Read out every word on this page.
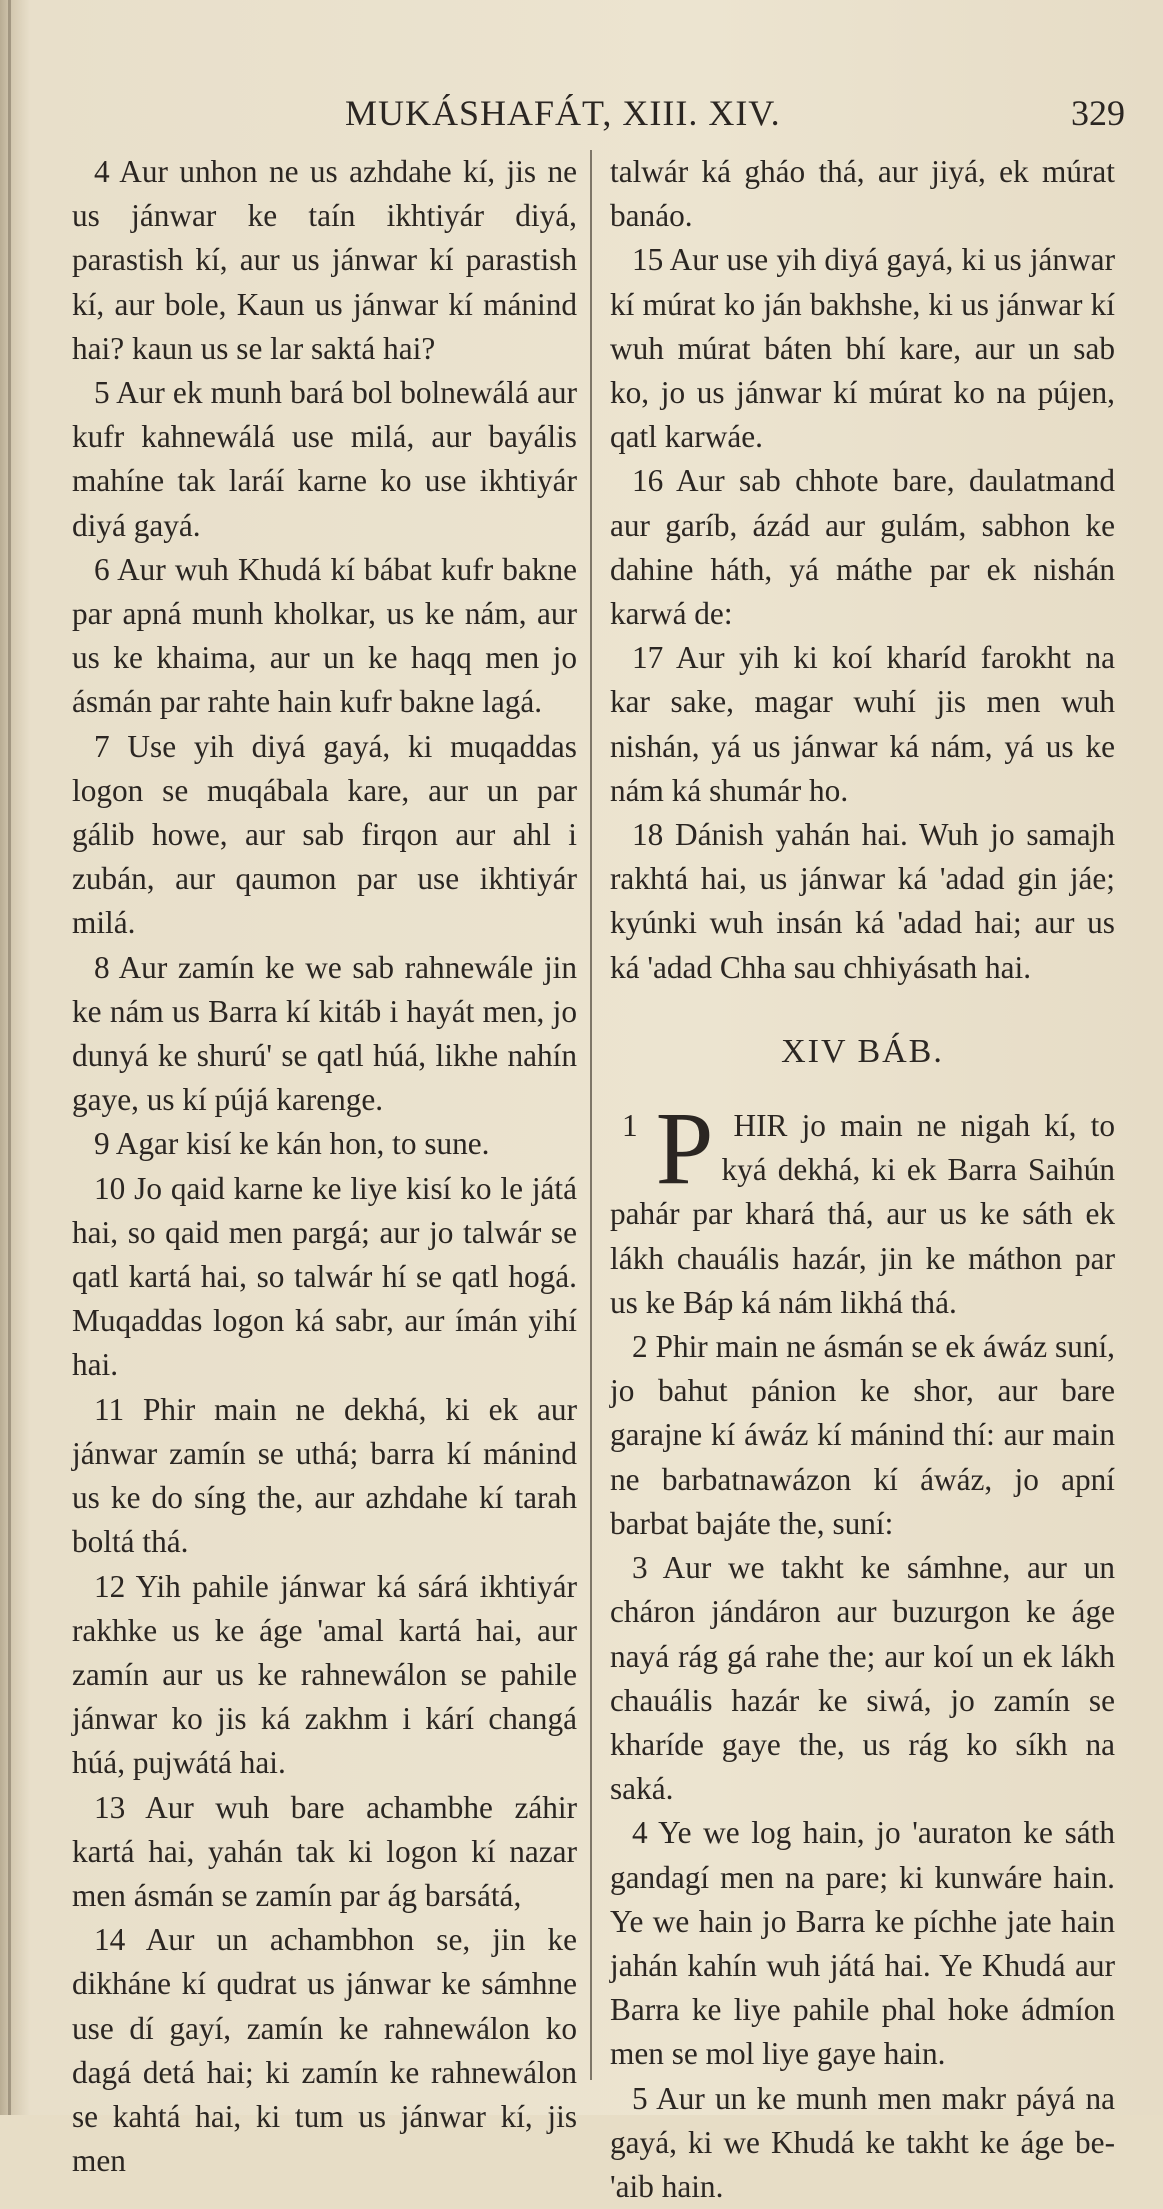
MUKÁSHAFÁT, XIII. XIV.	329

4 Aur unhon ne us azhdahe kí, jis ne us jánwar ke taín ikhtiyár diyá, parastish kí, aur us jánwar kí parastish kí, aur bole, Kaun us jánwar kí mánind hai? kaun us se lar saktá hai?

5 Aur ek munh bará bol bolnewálá aur kufr kahnewálá use milá, aur bayális mahíne tak laráí karne ko use ikhtiyár diyá gayá.

6 Aur wuh Khudá kí bábat kufr bakne par apná munh kholkar, us ke nám, aur us ke khaima, aur un ke haqq men jo ásmán par rahte hain kufr bakne lagá.

7 Use yih diyá gayá, ki muqaddas logon se muqábala kare, aur un par gálib howe, aur sab firqon aur ahl i zubán, aur qaumon par use ikhtiyár milá.

8 Aur zamín ke we sab rahnewále jin ke nám us Barra kí kitáb i hayát men, jo dunyá ke shurú' se qatl húá, likhe nahín gaye, us kí pújá karenge.

9 Agar kisí ke kán hon, to sune.

10 Jo qaid karne ke liye kisí ko le játá hai, so qaid men pargá; aur jo talwár se qatl kartá hai, so talwár hí se qatl hogá. Muqaddas logon ká sabr, aur ímán yihí hai.

11 Phir main ne dekhá, ki ek aur jánwar zamín se uthá; barra kí mánind us ke do síng the, aur azhdahe kí tarah boltá thá.

12 Yih pahile jánwar ká sárá ikhtiyár rakhke us ke áge 'amal kartá hai, aur zamín aur us ke rahnewálon se pahile jánwar ko jis ká zakhm i kárí changá húá, pujwátá hai.

13 Aur wuh bare achambhe záhir kartá hai, yahán tak ki logon kí nazar men ásmán se zamín par ág barsátá,

14 Aur un achambhon se, jin ke dikháne kí qudrat us jánwar ke sámhne use dí gayí, zamín ke rahnewálon ko dagá detá hai; ki zamín ke rahnewálon se kahtá hai, ki tum us jánwar kí, jis men

talwár ká gháo thá, aur jiyá, ek múrat banáo.

15 Aur use yih diyá gayá, ki us jánwar kí múrat ko ján bakhshe, ki us jánwar kí wuh múrat báten bhí kare, aur un sab ko, jo us jánwar kí múrat ko na pújen, qatl karwáe.

16 Aur sab chhote bare, daulatmand aur garíb, ázád aur gulám, sabhon ke dahine háth, yá máthe par ek nishán karwá de:

17 Aur yih ki koí kharíd farokht na kar sake, magar wuhí jis men wuh nishán, yá us jánwar ká nám, yá us ke nám ká shumár ho.

18 Dánish yahán hai. Wuh jo samajh rakhtá hai, us jánwar ká 'adad gin jáe; kyúnki wuh insán ká 'adad hai; aur us ká 'adad Chha sau chhiyásath hai.

XIV BÁB.

1 P HIR jo main ne nigah kí, to kyá dekhá, ki ek Barra Saihún pahár par khará thá, aur us ke sáth ek lákh chauális hazár, jin ke máthon par us ke Báp ká nám likhá thá.

2 Phir main ne ásmán se ek áwáz suní, jo bahut pánion ke shor, aur bare garajne kí áwáz kí mánind thí: aur main ne barbatnawázon kí áwáz, jo apní barbat bajáte the, suní:

3 Aur we takht ke sámhne, aur un cháron jándáron aur buzurgon ke áge nayá rág gá rahe the; aur koí un ek lákh chauális hazár ke siwá, jo zamín se kharíde gaye the, us rág ko síkh na saká.

4 Ye we log hain, jo 'auraton ke sáth gandagí men na pare; ki kunwáre hain. Ye we hain jo Barra ke píchhe jate hain jahán kahín wuh játá hai. Ye Khudá aur Barra ke liye pahile phal hoke ádmíon men se mol liye gaye hain.

5 Aur un ke munh men makr páyá na gayá, ki we Khudá ke takht ke áge be-'aib hain.
